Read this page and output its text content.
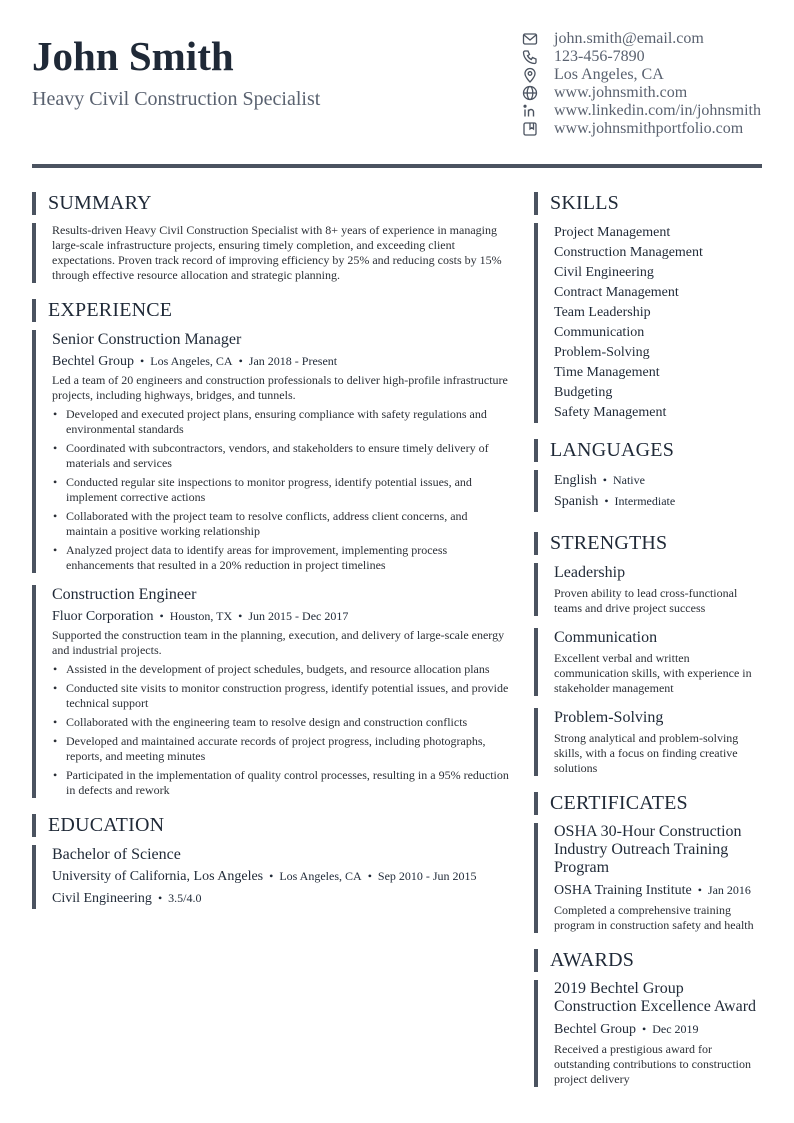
John Smith
Heavy Civil Construction Specialist
john.smith@email.com
123-456-7890
Los Angeles, CA
www.johnsmith.com
www.linkedin.com/in/johnsmith
www.johnsmithportfolio.com
SUMMARY

Results-driven Heavy Civil Construction Specialist with 8+ years of experience in managing large-scale infrastructure projects, ensuring timely completion, and exceeding client expectations. Proven track record of improving efficiency by 25% and reducing costs by 15% through effective resource allocation and strategic planning.

EXPERIENCE
Senior Construction Manager
Bechtel Group • Los Angeles, CA • Jan 2018 - Present

Led a team of 20 engineers and construction professionals to deliver high-profile infrastructure projects, including highways, bridges, and tunnels.

• Developed and executed project plans, ensuring compliance with safety regulations and environmental standards
• Coordinated with subcontractors, vendors, and stakeholders to ensure timely delivery of materials and services
• Conducted regular site inspections to monitor progress, identify potential issues, and implement corrective actions
• Collaborated with the project team to resolve conflicts, address client concerns, and maintain a positive working relationship
• Analyzed project data to identify areas for improvement, implementing process enhancements that resulted in a 20% reduction in project timelines
Construction Engineer
Fluor Corporation • Houston, TX • Jun 2015 - Dec 2017

Supported the construction team in the planning, execution, and delivery of large-scale energy and industrial projects.

• Assisted in the development of project schedules, budgets, and resource allocation plans
• Conducted site visits to monitor construction progress, identify potential issues, and provide technical support
• Collaborated with the engineering team to resolve design and construction conflicts
• Developed and maintained accurate records of project progress, including photographs, reports, and meeting minutes
• Participated in the implementation of quality control processes, resulting in a 95% reduction in defects and rework
EDUCATION
Bachelor of Science
University of California, Los Angeles • Los Angeles, CA • Sep 2010 - Jun 2015
Civil Engineering • 3.5/4.0
SKILLS
Project Management
Construction Management
Civil Engineering
Contract Management
Team Leadership
Communication
Problem-Solving
Time Management
Budgeting
Safety Management
LANGUAGES
English • Native
Spanish • Intermediate
STRENGTHS
Leadership
Proven ability to lead cross-functional teams and drive project success
Communication
Excellent verbal and written communication skills, with experience in stakeholder management
Problem-Solving
Strong analytical and problem-solving skills, with a focus on finding creative solutions
CERTIFICATES
OSHA 30-Hour Construction Industry Outreach Training Program
OSHA Training Institute • Jan 2016
Completed a comprehensive training program in construction safety and health
AWARDS
2019 Bechtel Group Construction Excellence Award
Bechtel Group • Dec 2019
Received a prestigious award for outstanding contributions to construction project delivery
